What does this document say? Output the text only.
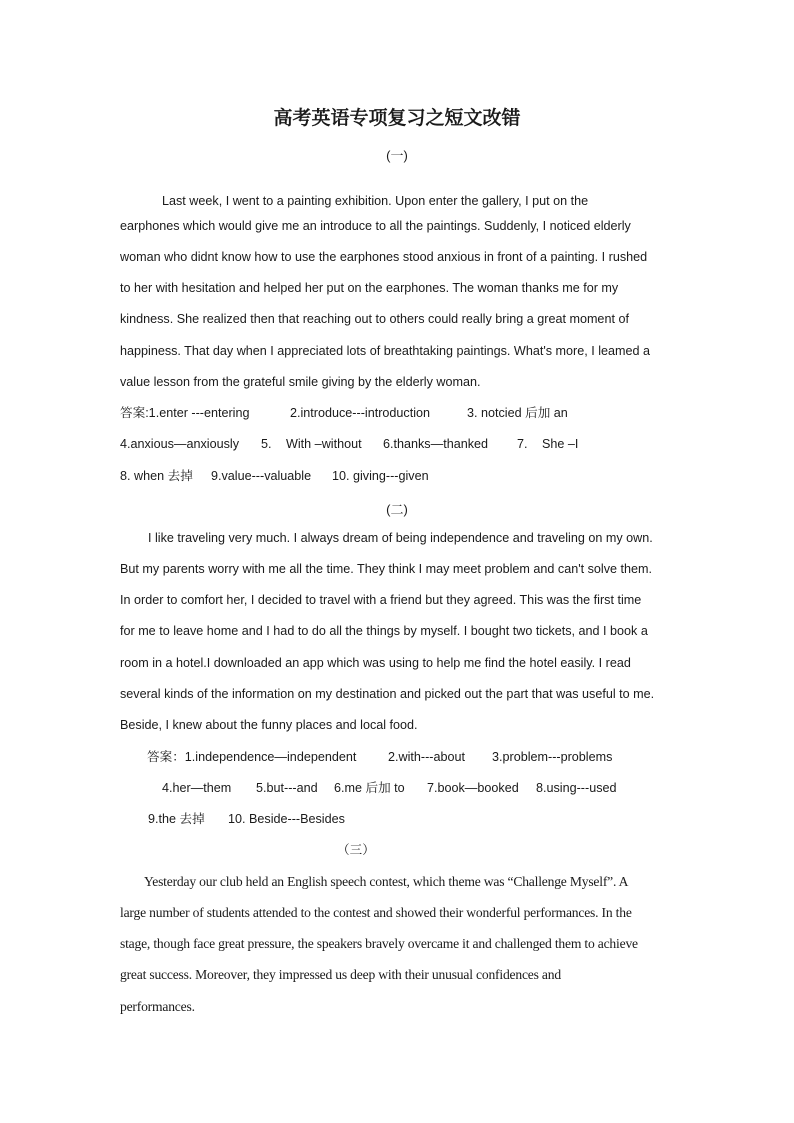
高考英语专项复习之短文改错
(一)
Last week, I went to a painting exhibition. Upon enter the gallery, I put on the
earphones which would give me an introduce to all the paintings. Suddenly, I noticed elderly
woman who didnt know how to use the earphones stood anxious in front of a painting. I rushed
to her with hesitation and helped her put on the earphones. The woman thanks me for my
kindness. She realized then that reaching out to others could really bring a great moment of
happiness. That day when I appreciated lots of breathtaking paintings. What's more, I leamed a
value lesson from the grateful smile giving by the elderly woman.
答案:1.enter ---entering	2.introduce---introduction	3. notcied 后加 an
4.anxious—anxiously 5. With –without 6.thanks—thanked 7. She –I
8. when 去掉 9.value---valuable 10. giving---given
(二)
I like traveling very much. I always dream of being independence and traveling on my own.
But my parents worry with me all the time. They think I may meet problem and can't solve them.
In order to comfort her, I decided to travel with a friend but they agreed. This was the first time
for me to leave home and I had to do all the things by myself. I bought two tickets, and I book a
room in a hotel.I downloaded an app which was using to help me find the hotel easily. I read
several kinds of the information on my destination and picked out the part that was useful to me.
Beside, I knew about the funny places and local food.
答案：1.independence—independent	2.with---about 3.problem---problems
4.her—them 5.but---and 6.me 后加 to 7.book—booked 8.using---used
9.the 去掉 10. Beside---Besides
（三）
Yesterday our club held an English speech contest, which theme was “Challenge Myself”. A
large number of students attended to the contest and showed their wonderful performances. In the
stage, though face great pressure, the speakers bravely overcame it and challenged them to achieve
great success. Moreover, they impressed us deep with their unusual confidences and
performances.
